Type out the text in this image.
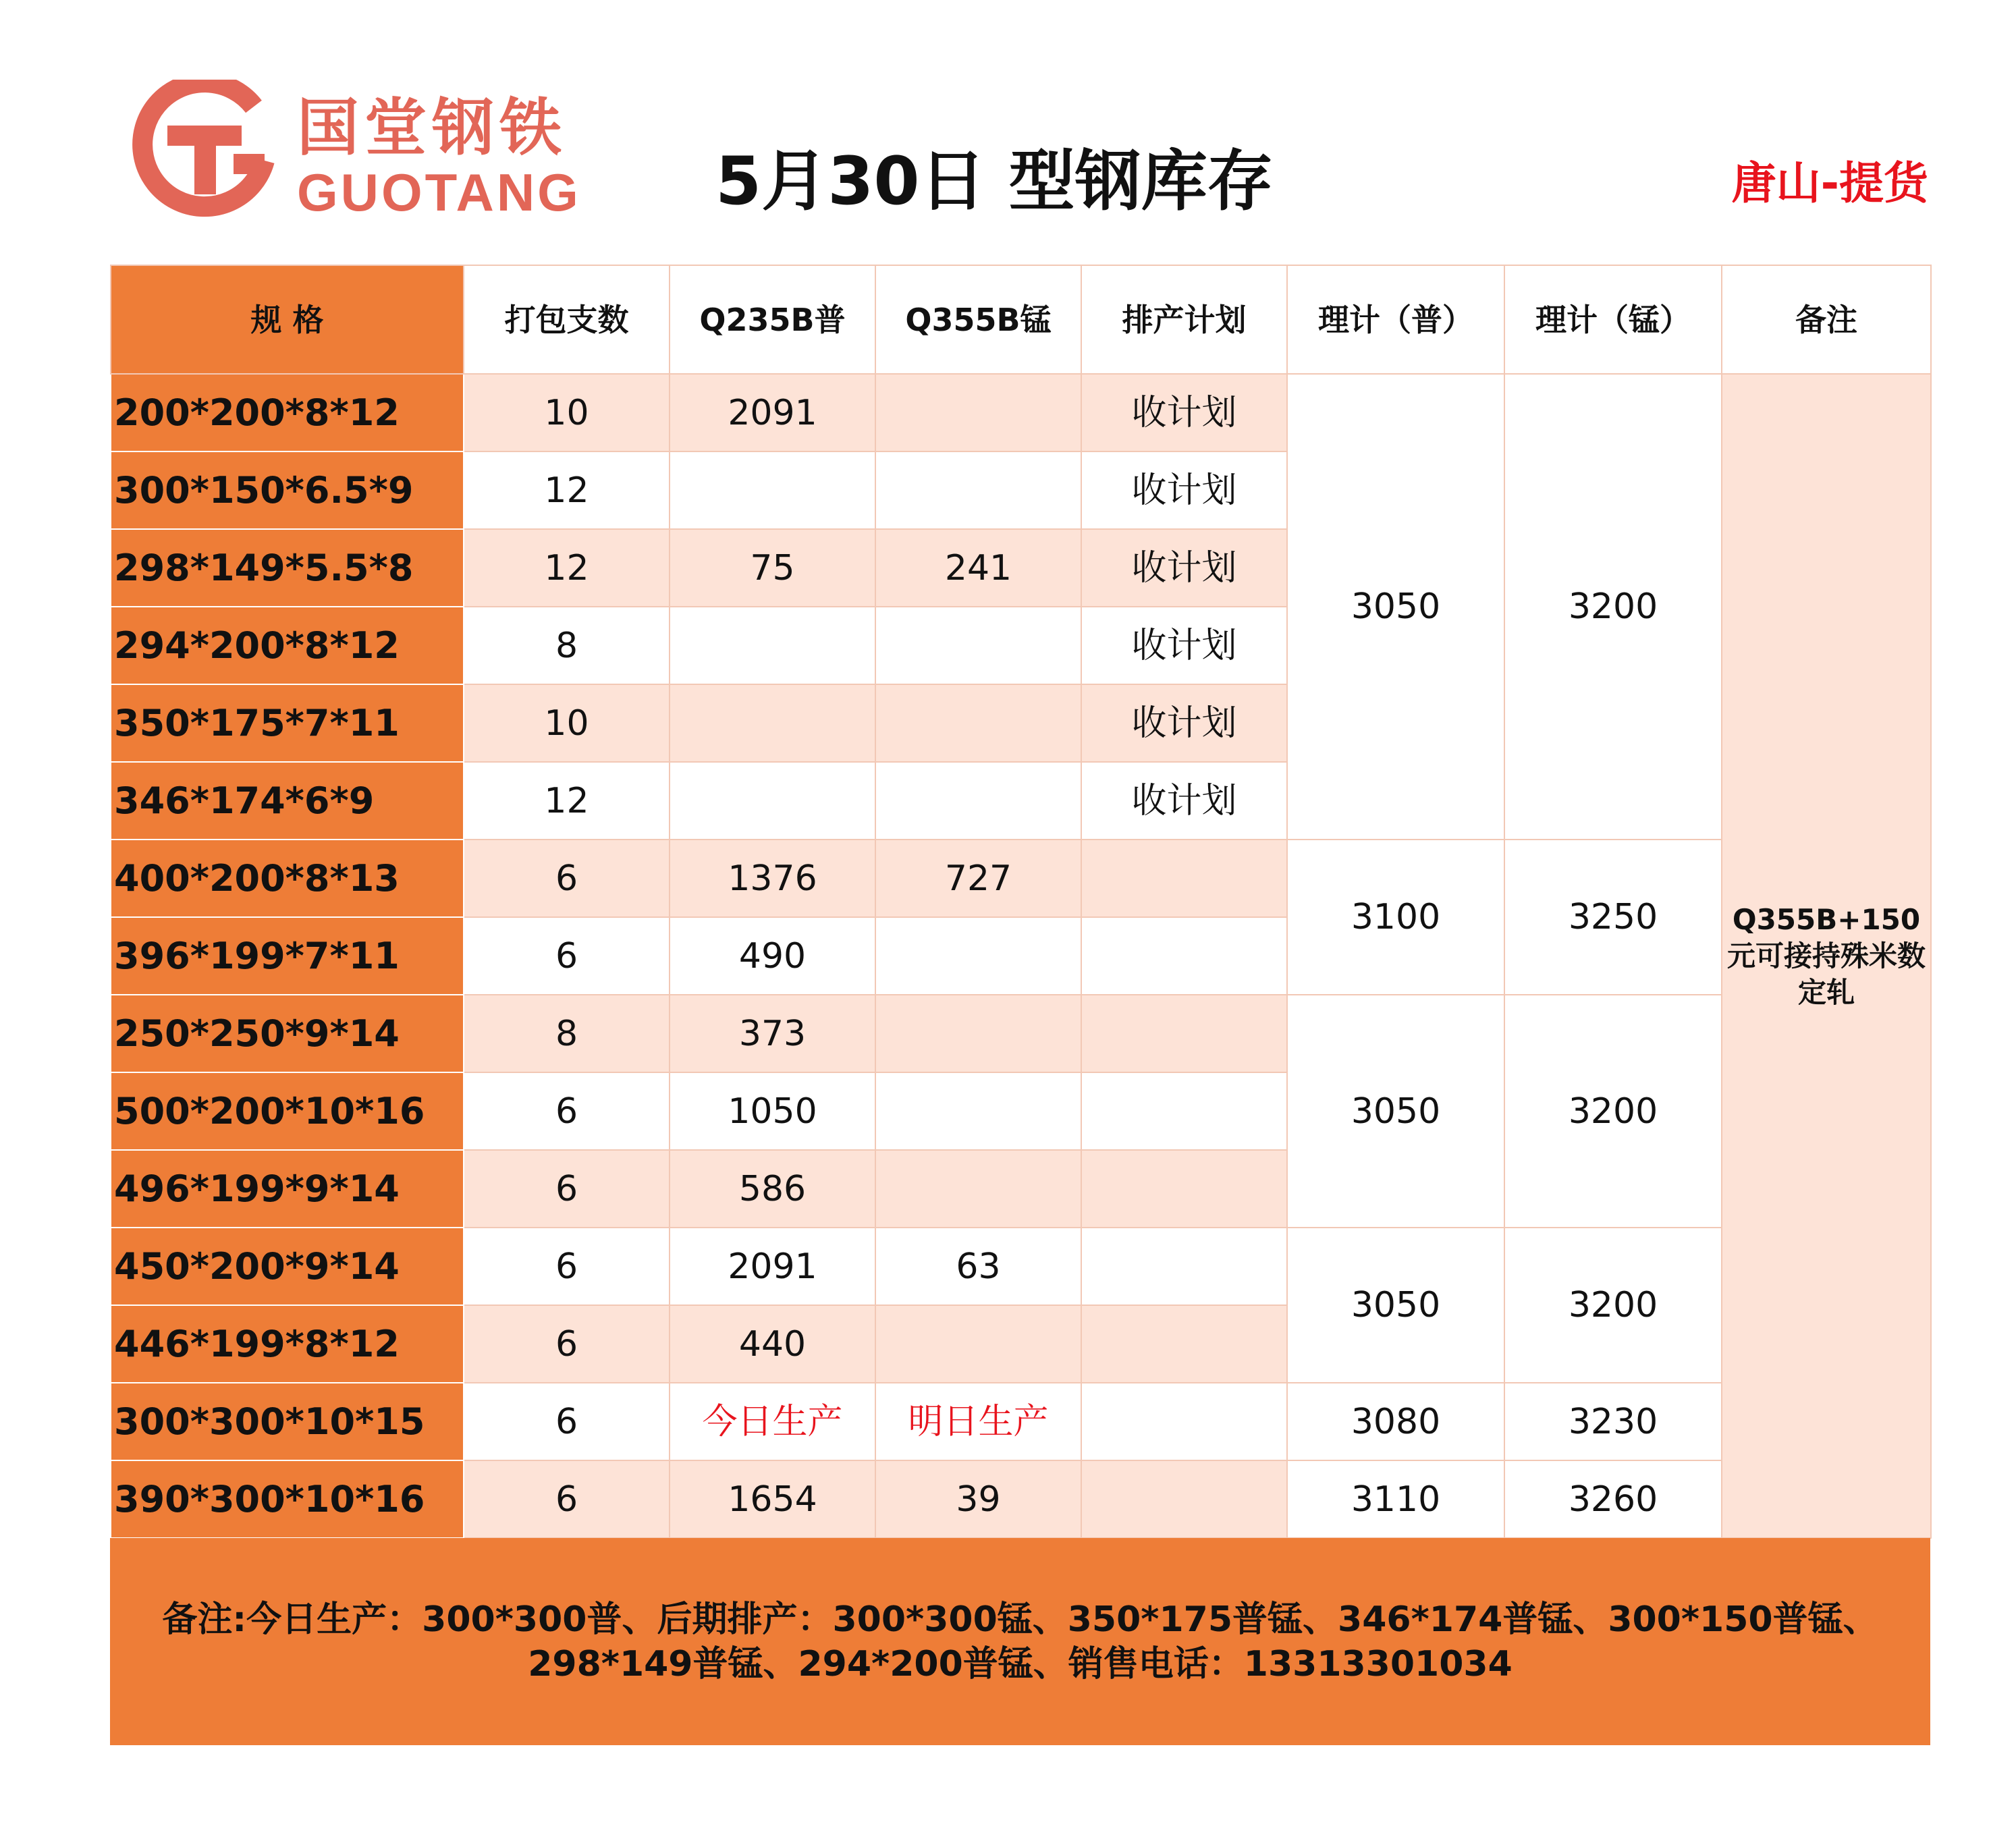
国堂钢铁
GUOTANG 5月30日 型钢库存	唐山-提货
规 格	打包支数	Q235B普	Q355B锰	排产计划	理计（普）	理计（锰）	备注
200*200*8*12	10	2091		收计划	3050	3200	Q355B+150元可接持殊米数定轧
300*150*6.5*9	12			收计划			
298*149*5.5*8	12	75	241	收计划			
294*200*8*12	8			收计划			
350*175*7*11	10			收计划			
346*174*6*9	12			收计划			
400*200*8*13	6	1376	727		3100	3250	
396*199*7*11	6	490					
250*250*9*14	8	373			3050	3200	
500*200*10*16	6	1050					
496*199*9*14	6	586					
450*200*9*14	6	2091	63		3050	3200	
446*199*8*12	6	440					
300*300*10*15	6	今日生产	明日生产		3080	3230	
390*300*10*16	6	1654	39		3110	3260	
备注:今日生产：300*300普、后期排产：300*300锰、350*175普锰、346*174普锰、300*150普锰、298*149普锰、294*200普锰、销售电话：13313301034
